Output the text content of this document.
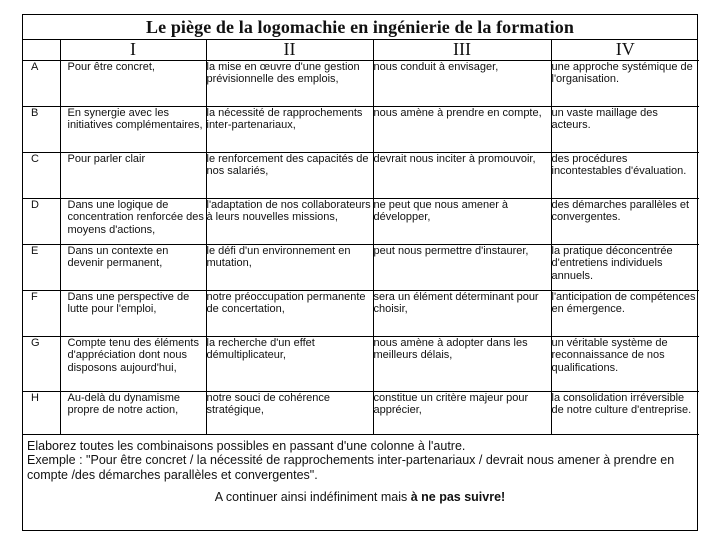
Le piège de la logomachie en ingénierie de la formation
	I	II	III	IV
A	Pour être concret,	la mise en œuvre d'une gestion prévisionnelle des emplois,	nous conduit à envisager,	une approche systémique de l'organisation.
B	En synergie avec les initiatives complémentaires,	la nécessité de rapprochements inter-partenariaux,	nous amène à prendre en compte,	un vaste maillage des acteurs.
C	Pour parler clair	le renforcement des capacités de nos salariés,	devrait nous inciter à promouvoir,	des procédures incontestables d'évaluation.
D	Dans une logique de concentration renforcée des moyens d'actions,	l'adaptation de nos collaborateurs à leurs nouvelles missions,	ne peut que nous amener à développer,	des démarches parallèles et convergentes.
E	Dans un contexte en devenir permanent,	le défi d'un environnement en mutation,	peut nous permettre d'instaurer,	la pratique déconcentrée d'entretiens individuels annuels.
F	Dans une perspective de lutte pour l'emploi,	notre préoccupation permanente de concertation,	sera un élément déterminant pour choisir,	l'anticipation de compétences en émergence.
G	Compte tenu des éléments d'appréciation dont nous disposons aujourd'hui,	la recherche d'un effet démultiplicateur,	nous amène à adopter dans les meilleurs délais,	un véritable système de reconnaissance de nos qualifications.
H	Au-delà du dynamisme propre de notre action,	notre souci de cohérence stratégique,	constitue un critère majeur pour apprécier,	la consolidation irréversible de notre culture d'entreprise.
Elaborez toutes les combinaisons possibles en passant d'une colonne à l'autre.
Exemple : "Pour être concret / la nécessité de rapprochements inter-partenariaux / devrait nous amener à prendre en compte /des démarches parallèles et convergentes".
A continuer ainsi indéfiniment mais à ne pas suivre!
